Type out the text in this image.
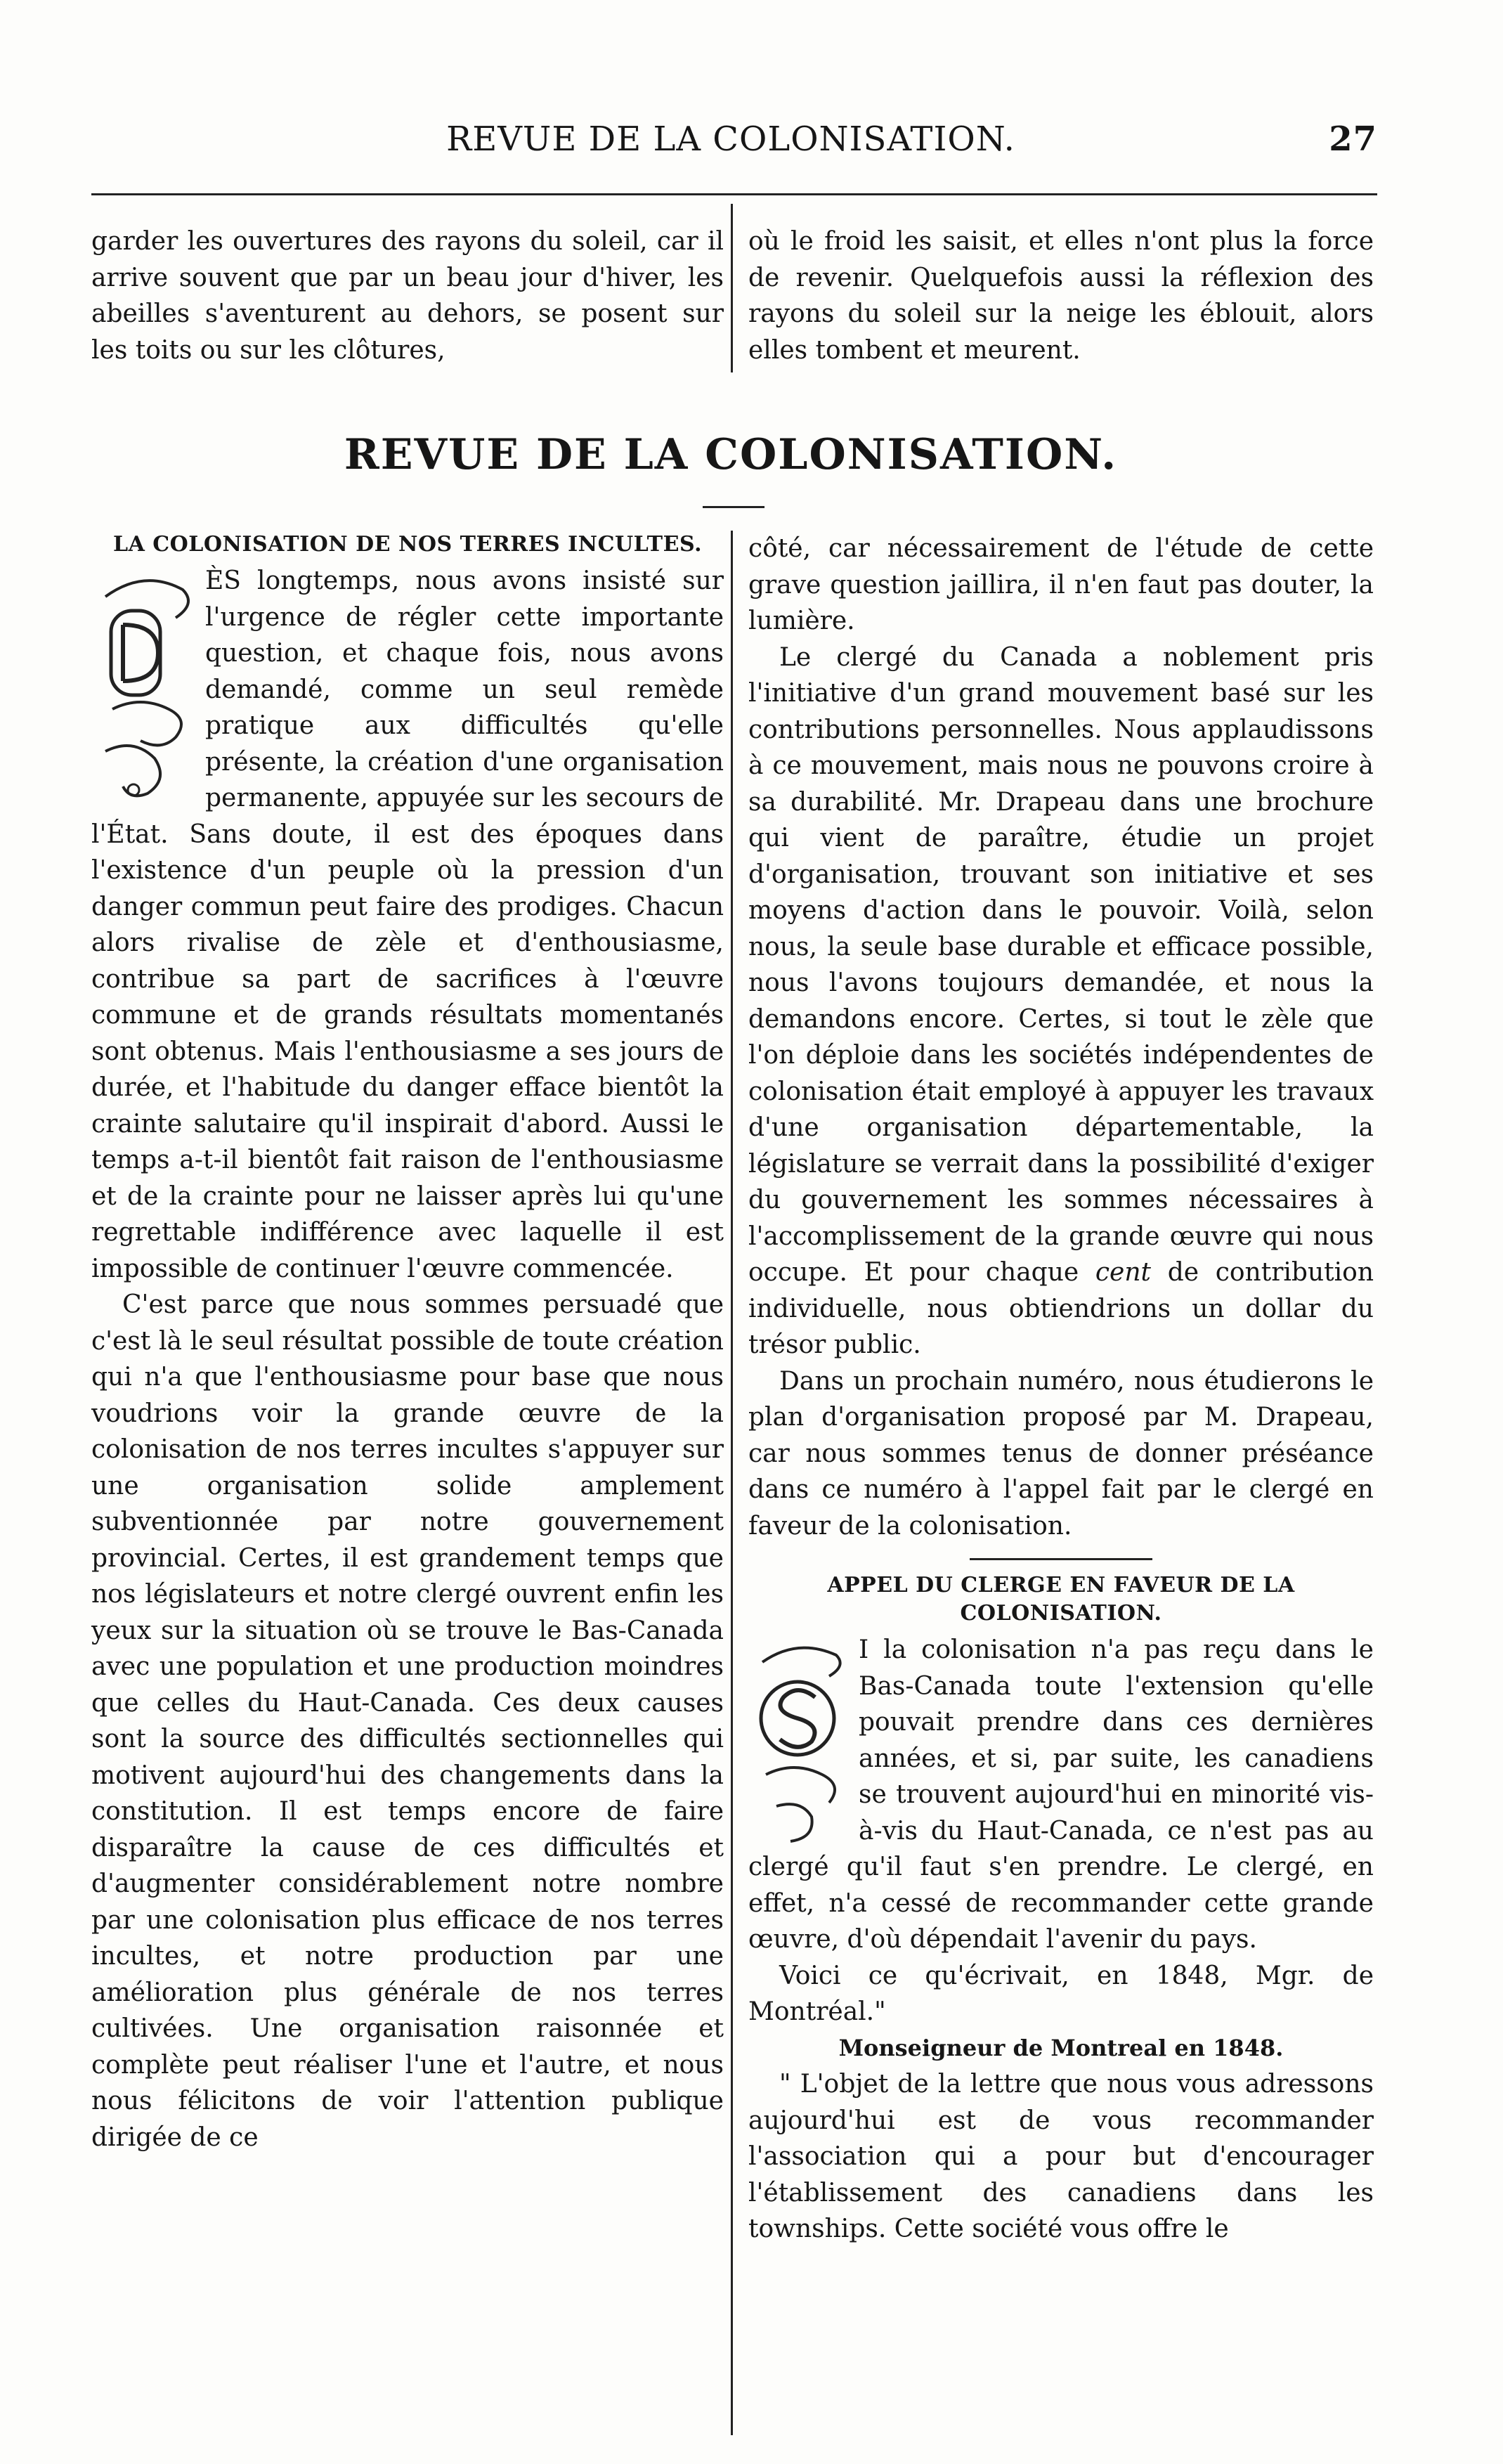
REVUE DE LA COLONISATION.	27

garder les ouvertures des rayons du soleil, car il arrive souvent que par un beau jour d'hiver, les abeilles s'aventurent au dehors, se posent sur les toits ou sur les clôtures,

où le froid les saisit, et elles n'ont plus la force de revenir. Quelquefois aussi la réflexion des rayons du soleil sur la neige les éblouit, alors elles tombent et meurent.

REVUE DE LA COLONISATION.
LA COLONISATION DE NOS TERRES INCULTES.

ÈS longtemps, nous avons insisté sur l'urgence de régler cette importante question, et chaque fois, nous avons demandé, comme un seul remède pratique aux difficultés qu'elle présente, la création d'une organisation permanente, appuyée sur les secours de l'État. Sans doute, il est des époques dans l'existence d'un peuple où la pression d'un danger commun peut faire des prodiges. Chacun alors rivalise de zèle et d'enthousiasme, contribue sa part de sacrifices à l'œuvre commune et de grands résultats momentanés sont obtenus. Mais l'enthousiasme a ses jours de durée, et l'habitude du danger efface bientôt la crainte salutaire qu'il inspirait d'abord. Aussi le temps a-t-il bientôt fait raison de l'enthousiasme et de la crainte pour ne laisser après lui qu'une regrettable indifférence avec laquelle il est impossible de continuer l'œuvre commencée.

C'est parce que nous sommes persuadé que c'est là le seul résultat possible de toute création qui n'a que l'enthousiasme pour base que nous voudrions voir la grande œuvre de la colonisation de nos terres incultes s'appuyer sur une organisation solide amplement subventionnée par notre gouvernement provincial. Certes, il est grandement temps que nos législateurs et notre clergé ouvrent enfin les yeux sur la situation où se trouve le Bas-Canada avec une population et une production moindres que celles du Haut-Canada. Ces deux causes sont la source des difficultés sectionnelles qui motivent aujourd'hui des changements dans la constitution. Il est temps encore de faire disparaître la cause de ces difficultés et d'augmenter considérablement notre nombre par une colonisation plus efficace de nos terres incultes, et notre production par une amélioration plus générale de nos terres cultivées. Une organisation raisonnée et complète peut réaliser l'une et l'autre, et nous nous félicitons de voir l'attention publique dirigée de ce

côté, car nécessairement de l'étude de cette grave question jaillira, il n'en faut pas douter, la lumière.

Le clergé du Canada a noblement pris l'initiative d'un grand mouvement basé sur les contributions personnelles. Nous applaudissons à ce mouvement, mais nous ne pouvons croire à sa durabilité. Mr. Drapeau dans une brochure qui vient de paraître, étudie un projet d'organisation, trouvant son initiative et ses moyens d'action dans le pouvoir. Voilà, selon nous, la seule base durable et efficace possible, nous l'avons toujours demandée, et nous la demandons encore. Certes, si tout le zèle que l'on déploie dans les sociétés indépendentes de colonisation était employé à appuyer les travaux d'une organisation départementable, la législature se verrait dans la possibilité d'exiger du gouvernement les sommes nécessaires à l'accomplissement de la grande œuvre qui nous occupe. Et pour chaque cent de contribution individuelle, nous obtiendrions un dollar du trésor public.

Dans un prochain numéro, nous étudierons le plan d'organisation proposé par M. Drapeau, car nous sommes tenus de donner préséance dans ce numéro à l'appel fait par le clergé en faveur de la colonisation.

APPEL DU CLERGE EN FAVEUR DE LA COLONISATION.

I la colonisation n'a pas reçu dans le Bas-Canada toute l'extension qu'elle pouvait prendre dans ces dernières années, et si, par suite, les canadiens se trouvent aujourd'hui en minorité vis-à-vis du Haut-Canada, ce n'est pas au clergé qu'il faut s'en prendre. Le clergé, en effet, n'a cessé de recommander cette grande œuvre, d'où dépendait l'avenir du pays.

Voici ce qu'écrivait, en 1848, Mgr. de Montréal."

Monseigneur de Montreal en 1848.

" L'objet de la lettre que nous vous adressons aujourd'hui est de vous recommander l'association qui a pour but d'encourager l'établissement des canadiens dans les townships. Cette société vous offre le
